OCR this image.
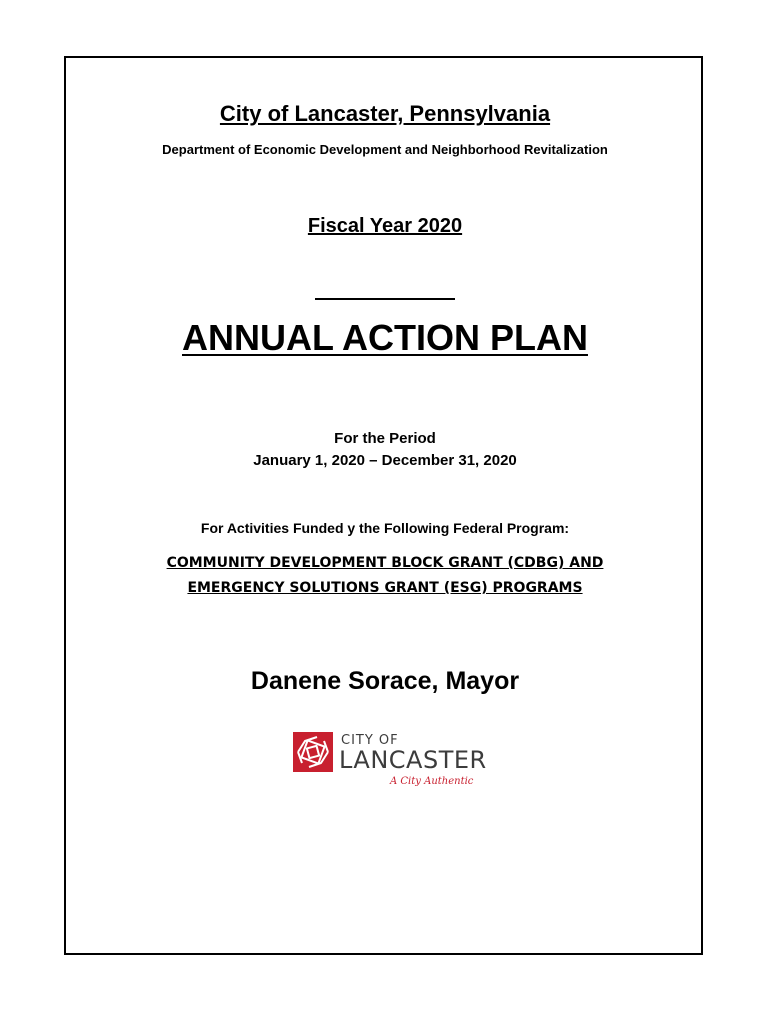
City of Lancaster, Pennsylvania
Department of Economic Development and Neighborhood Revitalization
Fiscal Year 2020
ANNUAL ACTION PLAN
For the Period
January 1, 2020 – December 31, 2020
For Activities Funded y the Following Federal Program:
COMMUNITY DEVELOPMENT BLOCK GRANT (CDBG) AND
EMERGENCY SOLUTIONS GRANT (ESG) PROGRAMS
Danene Sorace, Mayor
CITY OF
LANCASTER
A City Authentic
